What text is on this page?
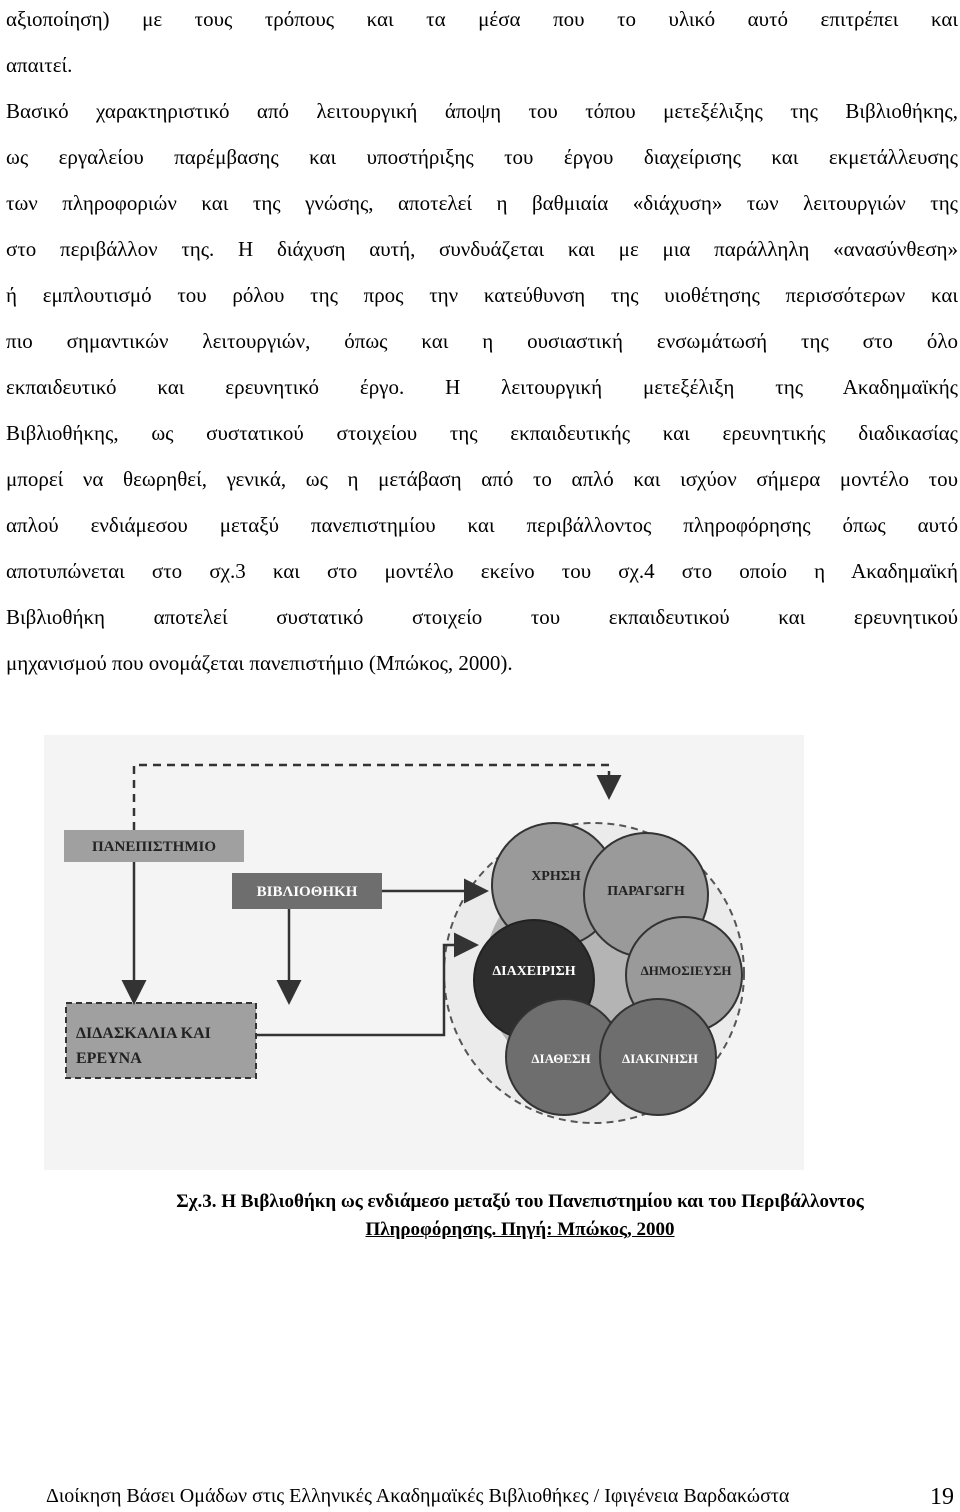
αξιοποίηση) με τους τρόπους και τα μέσα που το υλικό αυτό επιτρέπει και
απαιτεί.
Βασικό χαρακτηριστικό από λειτουργική άποψη του τόπου μετεξέλιξης της Βιβλιοθήκης,
ως εργαλείου παρέμβασης και υποστήριξης του έργου διαχείρισης και εκμετάλλευσης
των πληροφοριών και της γνώσης, αποτελεί η βαθμιαία «διάχυση» των λειτουργιών της
στο περιβάλλον της. Η διάχυση αυτή, συνδυάζεται και με μια παράλληλη «ανασύνθεση»
ή εμπλουτισμό του ρόλου της προς την κατεύθυνση της υιοθέτησης περισσότερων και
πιο σημαντικών λειτουργιών, όπως και η ουσιαστική ενσωμάτωσή της στο όλο
εκπαιδευτικό και ερευνητικό έργο. Η λειτουργική μετεξέλιξη της Ακαδημαϊκής
Βιβλιοθήκης, ως συστατικού στοιχείου της εκπαιδευτικής και ερευνητικής διαδικασίας
μπορεί να θεωρηθεί, γενικά, ως η μετάβαση από το απλό και ισχύον σήμερα μοντέλο του
απλού ενδιάμεσου μεταξύ πανεπιστημίου και περιβάλλοντος πληροφόρησης όπως αυτό
αποτυπώνεται στο σχ.3 και στο μοντέλο εκείνο του σχ.4 στο οποίο η Ακαδημαϊκή
Βιβλιοθήκη αποτελεί συστατικό στοιχείο του εκπαιδευτικού και ερευνητικού
μηχανισμού που ονομάζεται πανεπιστήμιο (Μπώκος, 2000).
ΧΡΗΣΗ
ΠΑΡΑΓΩΓΗ
ΔΙΑΧΕΙΡΙΣΗ	ΔΗΜΟΣΙΕΥΣΗ
ΔΙΑΘΕΣΗ ΔΙΑΚΙΝΗΣΗ
ΠΑΝΕΠΙΣΤΗΜΙΟ
ΒΙΒΛΙΟΘΗΚΗ
ΔΙΔΑΣΚΑΛΙΑ ΚΑΙ
ΕΡΕΥΝΑ
Σχ.3. Η Βιβλιοθήκη ως ενδιάμεσο μεταξύ του Πανεπιστημίου και του Περιβάλλοντος
Πληροφόρησης. Πηγή: Μπώκος, 2000
Διοίκηση Βάσει Ομάδων στις Ελληνικές Ακαδημαϊκές Βιβλιοθήκες / Ιφιγένεια Βαρδακώστα	19
